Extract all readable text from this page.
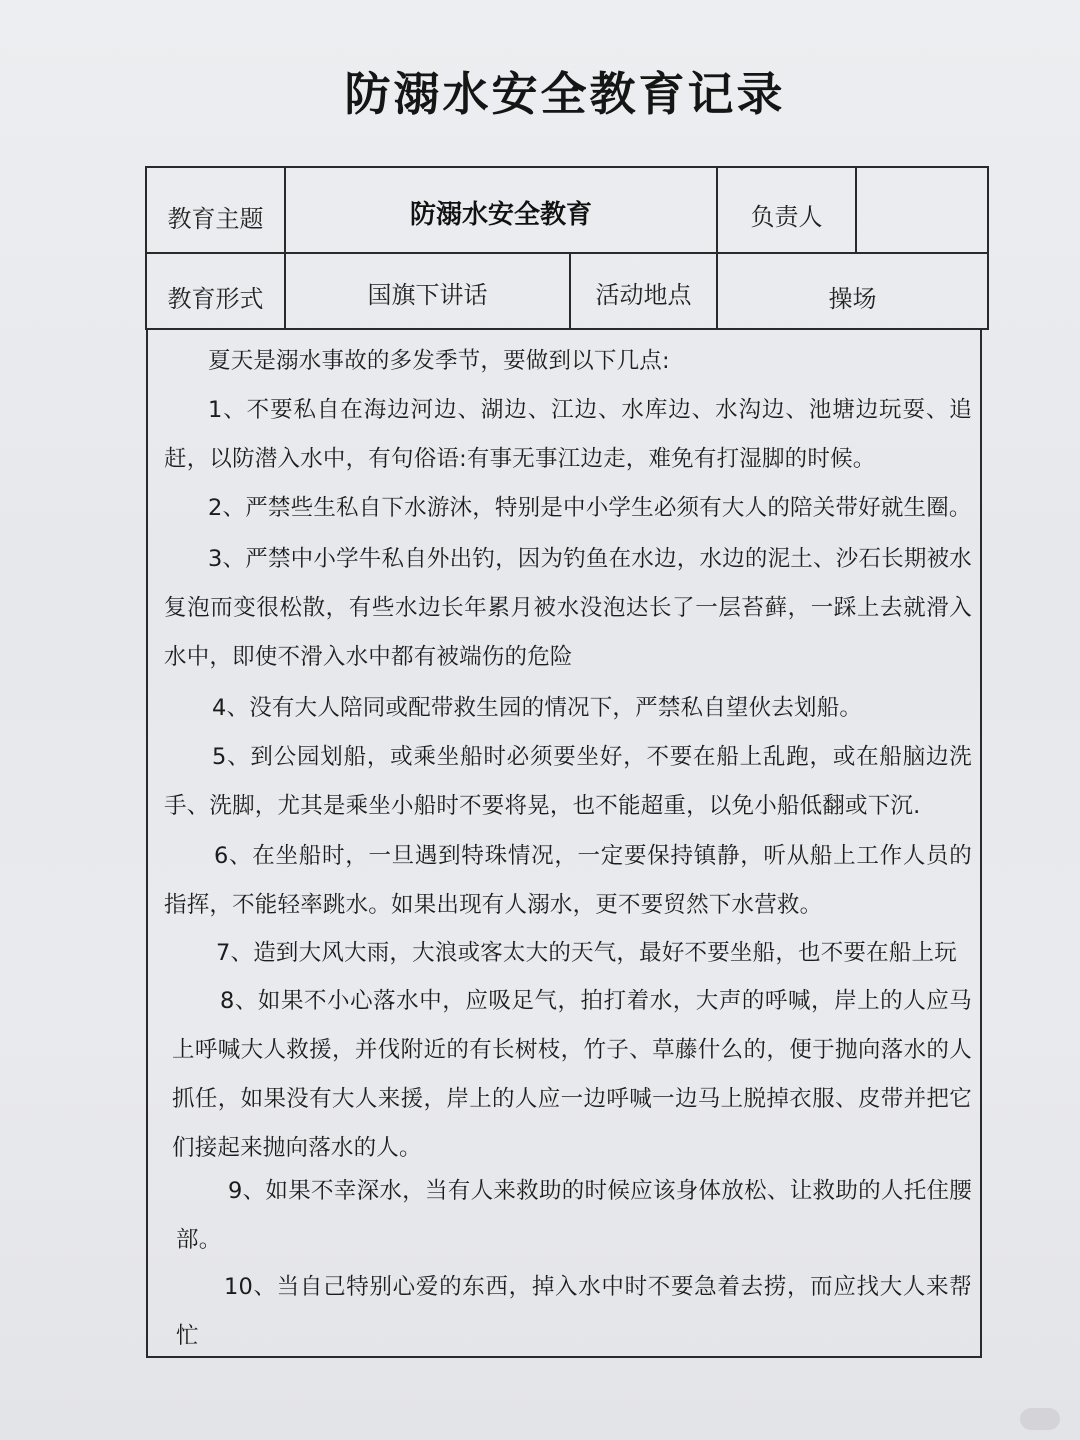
防溺水安全教育记录
教育主题	防溺水安全教育	负责人
教育形式	国旗下讲话	活动地点	操场
夏天是溺水事故的多发季节，要做到以下几点:
1、不要私自在海边河边、湖边、江边、水库边、水沟边、池塘边玩耍、追赶，以防潜入水中，有句俗语:有事无事江边走，难免有打湿脚的时候。
2、严禁些生私自下水游沐，特别是中小学生必须有大人的陪关带好就生圈。
3、严禁中小学牛私自外出钓，因为钓鱼在水边，水边的泥土、沙石长期被水复泡而变很松散，有些水边长年累月被水没泡达长了一层苔藓，一踩上去就滑入水中，即使不滑入水中都有被端伤的危险
4、没有大人陪同或配带救生园的情况下，严禁私自望伙去划船。
5、到公园划船，或乘坐船时必须要坐好，不要在船上乱跑，或在船脑边洗手、洗脚，尤其是乘坐小船时不要将晃，也不能超重，以免小船低翻或下沉.
6、在坐船时，一旦遇到特珠情况，一定要保持镇静，听从船上工作人员的指挥，不能轻率跳水。如果出现有人溺水，更不要贸然下水营救。
7、造到大风大雨，大浪或客太大的天气，最好不要坐船，也不要在船上玩
8、如果不小心落水中，应吸足气，拍打着水，大声的呼喊，岸上的人应马上呼喊大人救援，并伐附近的有长树枝，竹子、草藤什么的，便于抛向落水的人抓任，如果没有大人来援，岸上的人应一边呼喊一边马上脱掉衣服、皮带并把它们接起来抛向落水的人。
9、如果不幸深水，当有人来救助的时候应该身体放松、让救助的人托住腰部。
10、当自己特别心爱的东西，掉入水中时不要急着去捞，而应找大人来帮忙
